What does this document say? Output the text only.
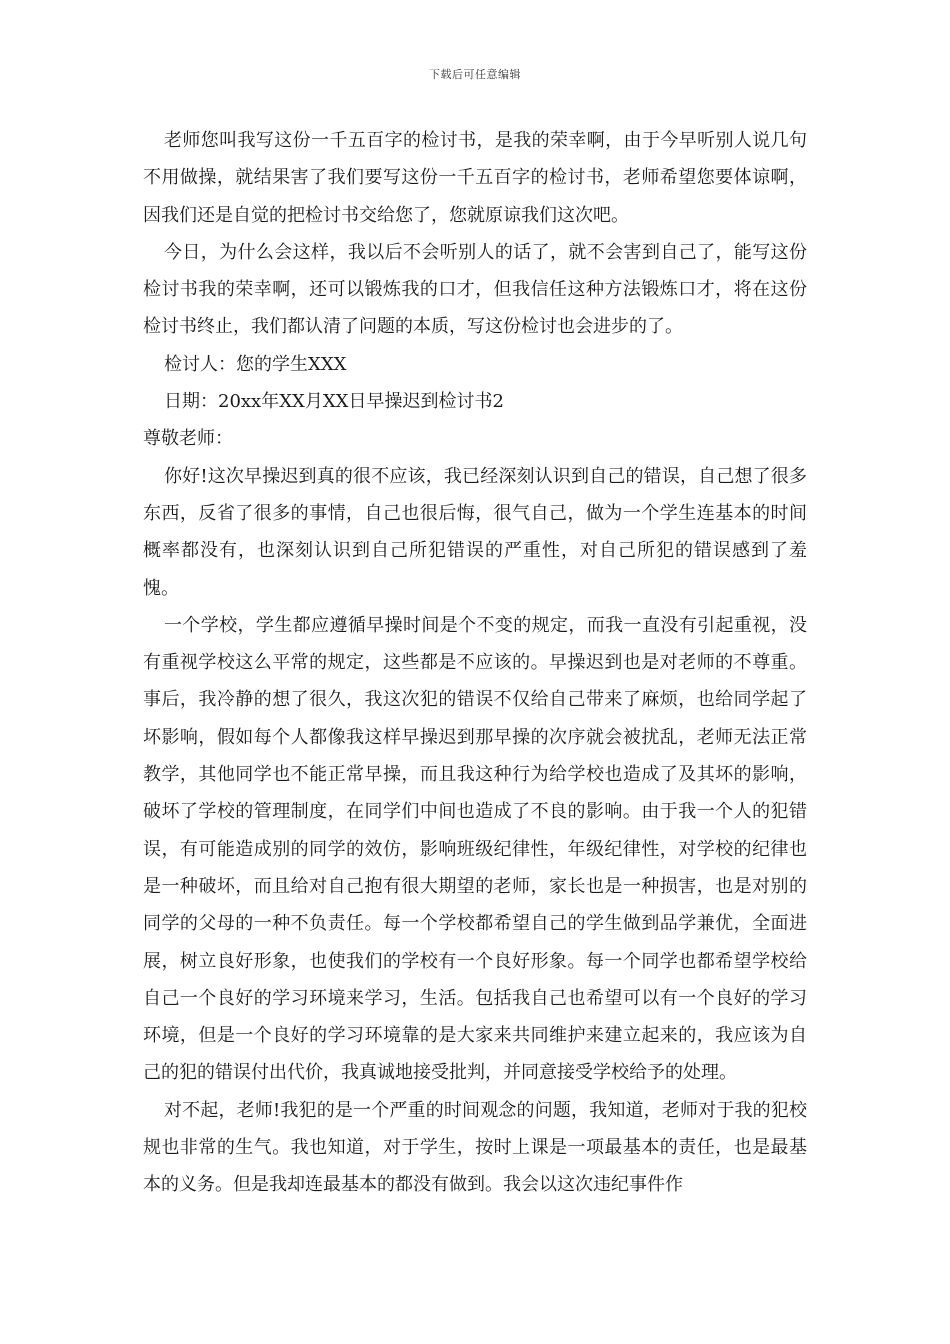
下载后可任意编辑

老师您叫我写这份一千五百字的检讨书，是我的荣幸啊，由于今早听别人说几句不用做操，就结果害了我们要写这份一千五百字的检讨书，老师希望您要体谅啊，因我们还是自觉的把检讨书交给您了，您就原谅我们这次吧。

今日，为什么会这样，我以后不会听别人的话了，就不会害到自己了，能写这份检讨书我的荣幸啊，还可以锻炼我的口才，但我信任这种方法锻炼口才，将在这份检讨书终止，我们都认清了问题的本质，写这份检讨也会进步的了。

检讨人：您的学生XXX

日期：20xx年XX月XX日早操迟到检讨书2

尊敬老师：

你好!这次早操迟到真的很不应该，我已经深刻认识到自己的错误，自己想了很多东西，反省了很多的事情，自己也很后悔，很气自己，做为一个学生连基本的时间概率都没有，也深刻认识到自己所犯错误的严重性，对自己所犯的错误感到了羞愧。

一个学校，学生都应遵循早操时间是个不变的规定，而我一直没有引起重视，没有重视学校这么平常的规定，这些都是不应该的。早操迟到也是对老师的不尊重。事后，我冷静的想了很久，我这次犯的错误不仅给自己带来了麻烦，也给同学起了坏影响，假如每个人都像我这样早操迟到那早操的次序就会被扰乱，老师无法正常教学，其他同学也不能正常早操，而且我这种行为给学校也造成了及其坏的影响，破坏了学校的管理制度，在同学们中间也造成了不良的影响。由于我一个人的犯错误，有可能造成别的同学的效仿，影响班级纪律性，年级纪律性，对学校的纪律也是一种破坏，而且给对自己抱有很大期望的老师，家长也是一种损害，也是对别的同学的父母的一种不负责任。每一个学校都希望自己的学生做到品学兼优，全面进展，树立良好形象，也使我们的学校有一个良好形象。每一个同学也都希望学校给自己一个良好的学习环境来学习，生活。包括我自己也希望可以有一个良好的学习环境，但是一个良好的学习环境靠的是大家来共同维护来建立起来的，我应该为自己的犯的错误付出代价，我真诚地接受批判，并同意接受学校给予的处理。

对不起，老师!我犯的是一个严重的时间观念的问题，我知道，老师对于我的犯校规也非常的生气。我也知道，对于学生，按时上课是一项最基本的责任，也是最基本的义务。但是我却连最基本的都没有做到。我会以这次违纪事件作
